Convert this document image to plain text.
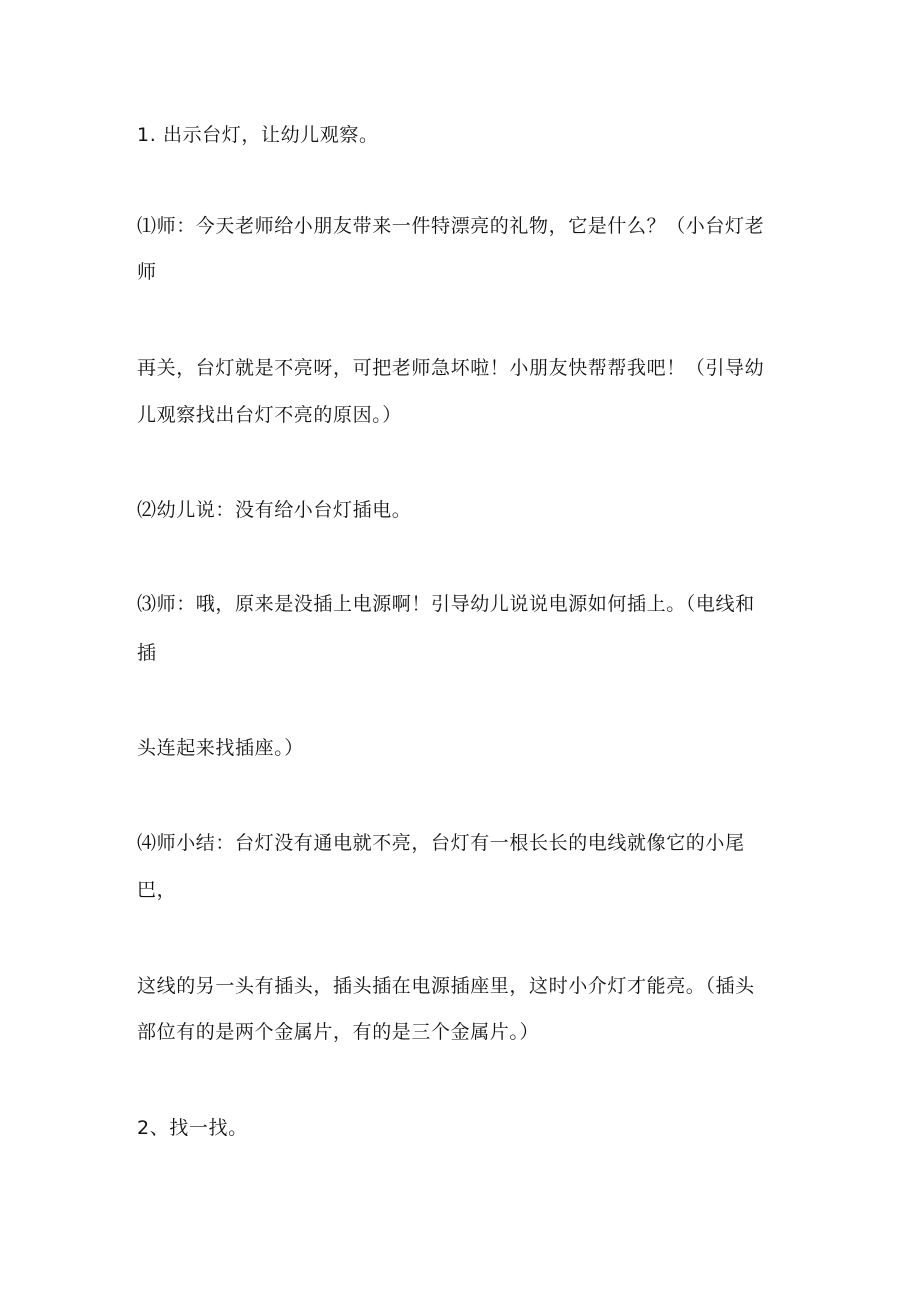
1. 出示台灯，让幼儿观察。
⑴师：今天老师给小朋友带来一件特漂亮的礼物，它是什么？（小台灯老
师
再关，台灯就是不亮呀，可把老师急坏啦！小朋友快帮帮我吧！（引导幼
儿观察找出台灯不亮的原因。）
⑵幼儿说：没有给小台灯插电。
⑶师：哦，原来是没插上电源啊！引导幼儿说说电源如何插上。（电线和
插
头连起来找插座。）
⑷师小结：台灯没有通电就不亮，台灯有一根长长的电线就像它的小尾
巴，
这线的另一头有插头，插头插在电源插座里，这时小介灯才能亮。（插头
部位有的是两个金属片，有的是三个金属片。）
2、找一找。
